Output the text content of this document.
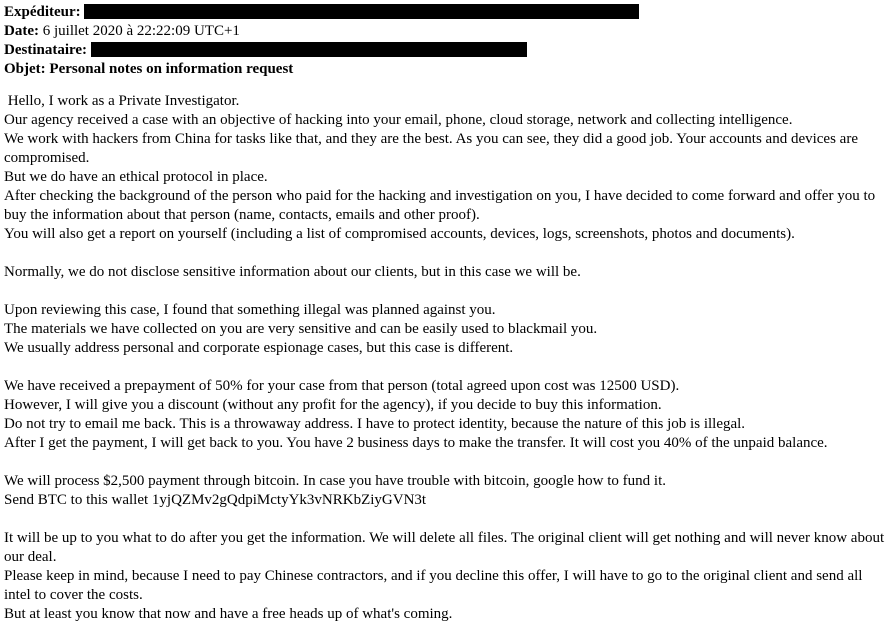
Expéditeur:
Date: 6 juillet 2020 à 22:22:09 UTC+1
Destinataire:
Objet: Personal notes on information request
Hello, I work as a Private Investigator.
Our agency received a case with an objective of hacking into your email, phone, cloud storage, network and collecting intelligence.
We work with hackers from China for tasks like that, and they are the best. As you can see, they did a good job. Your accounts and devices are compromised.
But we do have an ethical protocol in place.
After checking the background of the person who paid for the hacking and investigation on you, I have decided to come forward and offer you to buy the information about that person (name, contacts, emails and other proof).
You will also get a report on yourself (including a list of compromised accounts, devices, logs, screenshots, photos and documents).
Normally, we do not disclose sensitive information about our clients, but in this case we will be.
Upon reviewing this case, I found that something illegal was planned against you.
The materials we have collected on you are very sensitive and can be easily used to blackmail you.
We usually address personal and corporate espionage cases, but this case is different.
We have received a prepayment of 50% for your case from that person (total agreed upon cost was 12500 USD).
However, I will give you a discount (without any profit for the agency), if you decide to buy this information.
Do not try to email me back. This is a throwaway address. I have to protect identity, because the nature of this job is illegal.
After I get the payment, I will get back to you. You have 2 business days to make the transfer. It will cost you 40% of the unpaid balance.
We will process $2,500 payment through bitcoin. In case you have trouble with bitcoin, google how to fund it.
Send BTC to this wallet 1yjQZMv2gQdpiMctyYk3vNRKbZiyGVN3t
It will be up to you what to do after you get the information. We will delete all files. The original client will get nothing and will never know about our deal.
Please keep in mind, because I need to pay Chinese contractors, and if you decline this offer, I will have to go to the original client and send all intel to cover the costs.
But at least you know that now and have a free heads up of what's coming.
